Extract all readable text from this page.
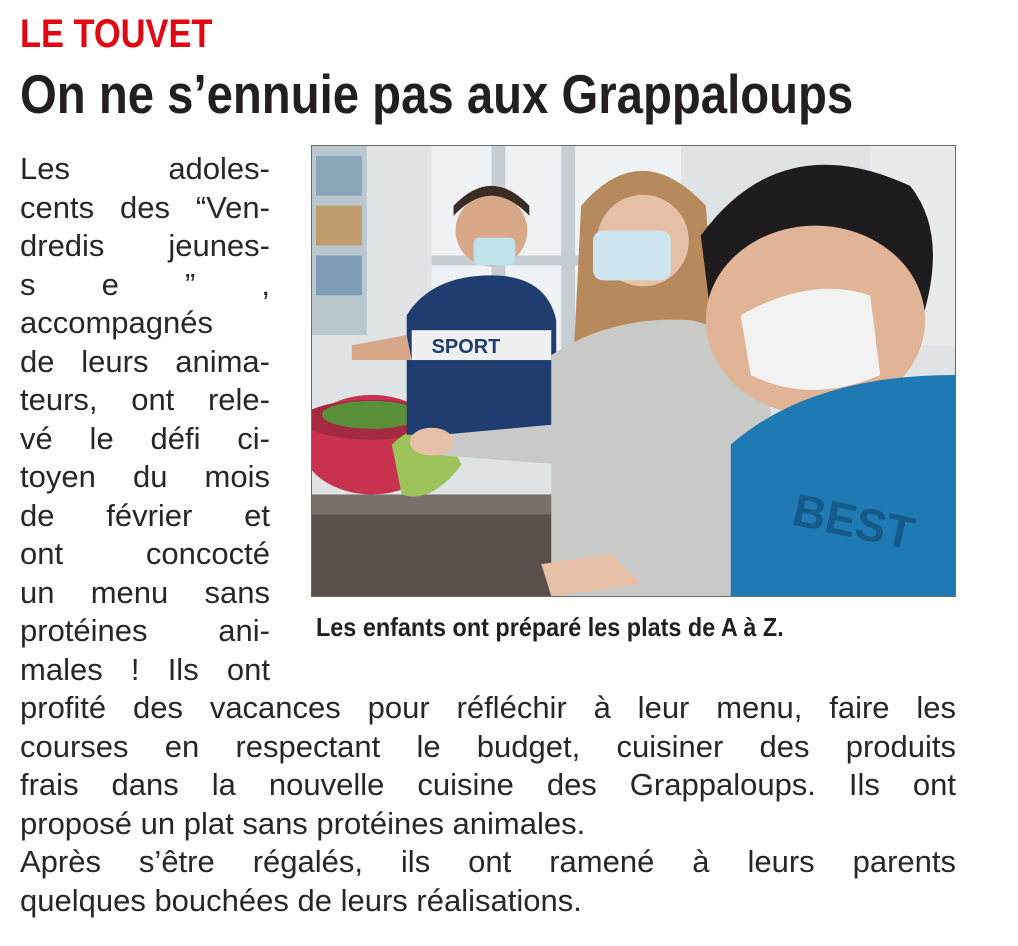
LE TOUVET
On ne s’ennuie pas aux Grappaloups
Les adoles-
cents des “Ven-
dredis jeunes-
s e ” ,
accompagnés
de leurs anima-
teurs, ont rele-
vé le défi ci-
toyen du mois
de février et
ont concocté
un menu sans
protéines ani-
males ! Ils ont
SPORT
BEST
Les enfants ont préparé les plats de A à Z.
profité des vacances pour réfléchir à leur menu, faire les
courses en respectant le budget, cuisiner des produits
frais dans la nouvelle cuisine des Grappaloups. Ils ont
proposé un plat sans protéines animales.
Après s’être régalés, ils ont ramené à leurs parents
quelques bouchées de leurs réalisations.
